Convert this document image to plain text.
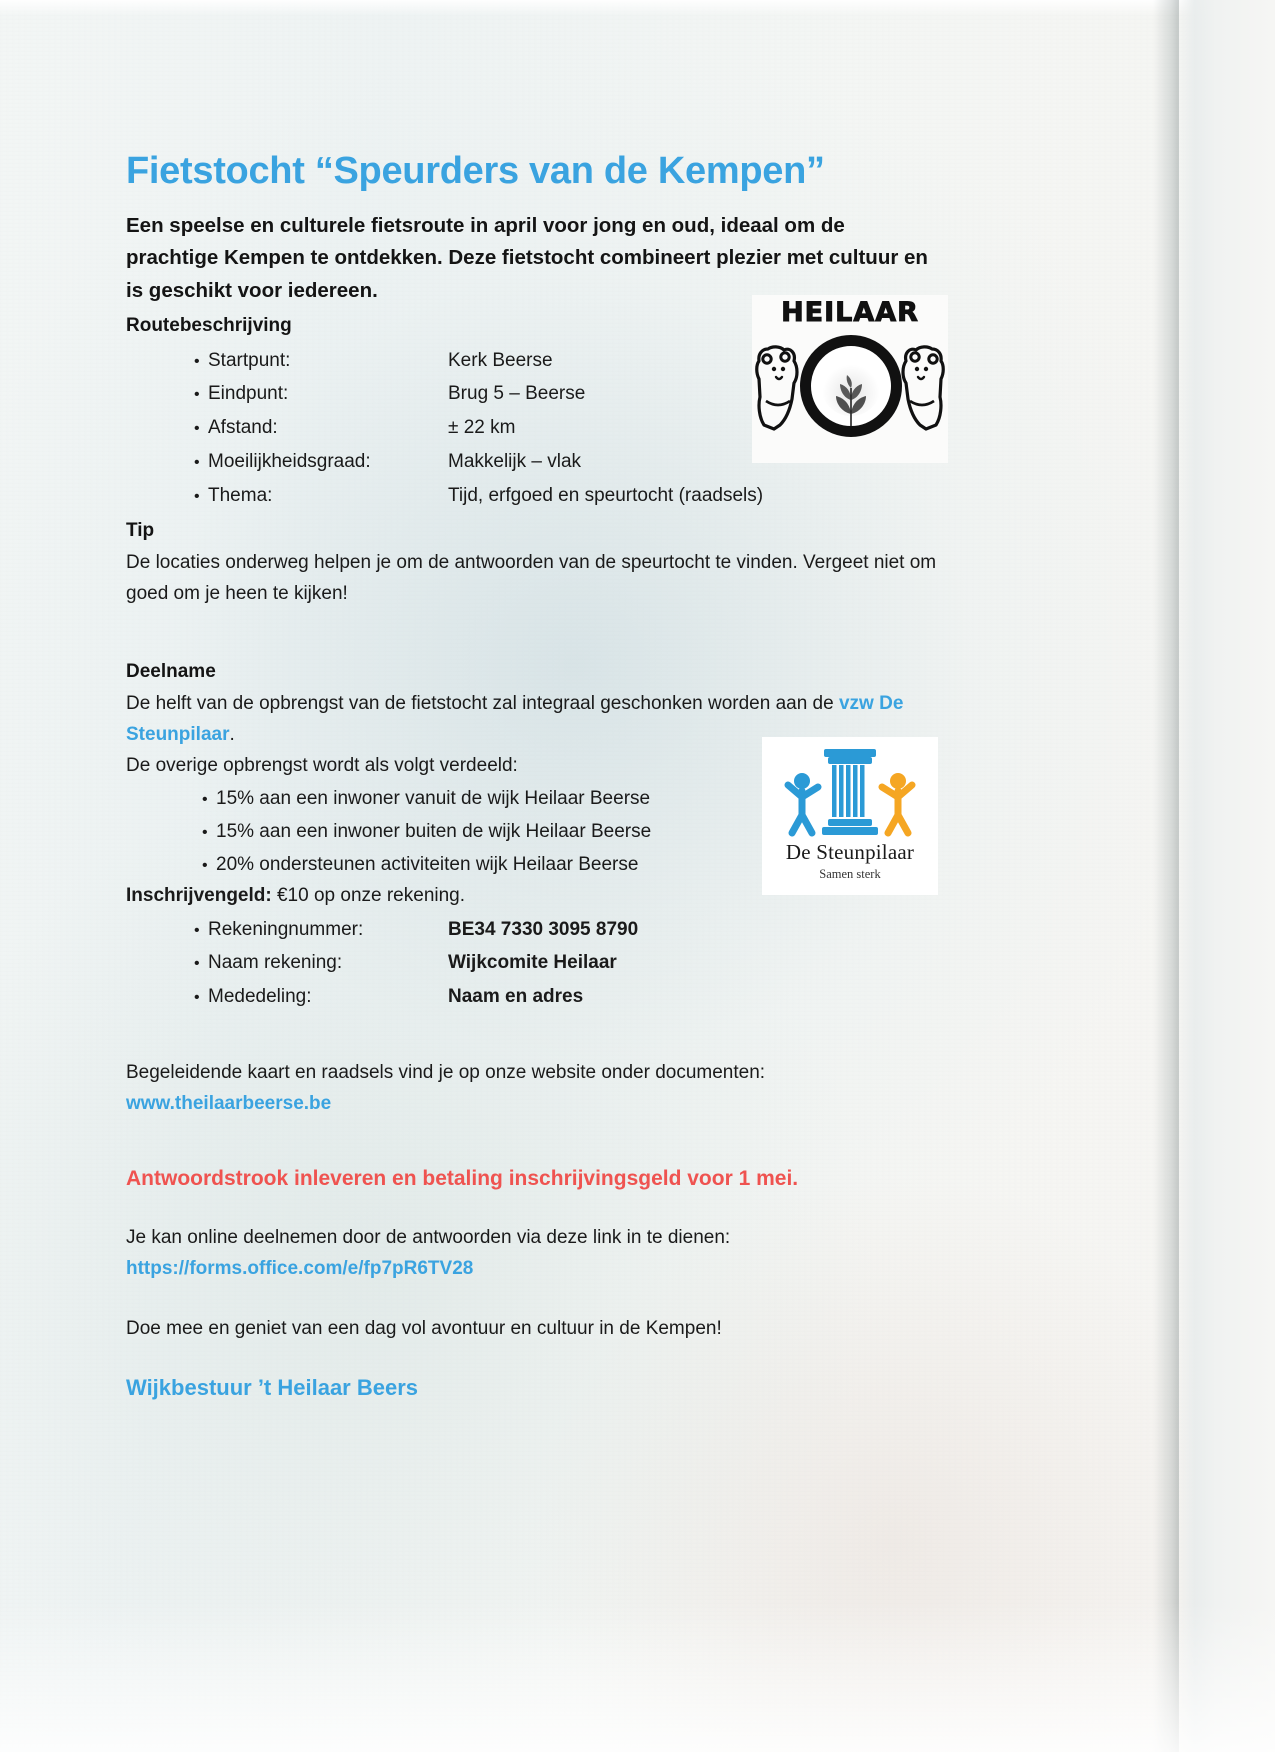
HEILAAR
De Steunpilaar
Samen sterk
Fietstocht “Speurders van de Kempen”

Een speelse en culturele fietsroute in april voor jong en oud, ideaal om de prachtige Kempen te ontdekken. Deze fietstocht combineert plezier met cultuur en is geschikt voor iedereen.

Routebeschrijving
• Startpunt:	Kerk Beerse
• Eindpunt:	Brug 5 – Beerse
• Afstand:	± 22 km
• Moeilijkheidsgraad:	Makkelijk – vlak
• Thema:	Tijd, erfgoed en speurtocht (raadsels)
Tip

De locaties onderweg helpen je om de antwoorden van de speurtocht te vinden. Vergeet niet om goed om je heen te kijken!

Deelname

De helft van de opbrengst van de fietstocht zal integraal geschonken worden aan de vzw De Steunpilaar.

De overige opbrengst wordt als volgt verdeeld:

• 15% aan een inwoner vanuit de wijk Heilaar Beerse
• 15% aan een inwoner buiten de wijk Heilaar Beerse
• 20% ondersteunen activiteiten wijk Heilaar Beerse

Inschrijvengeld: €10 op onze rekening.

• Rekeningnummer:	BE34 7330 3095 8790
• Naam rekening:	Wijkcomite Heilaar
• Mededeling:	Naam en adres

Begeleidende kaart en raadsels vind je op onze website onder documenten:

www.theilaarbeerse.be

Antwoordstrook inleveren en betaling inschrijvingsgeld voor 1 mei.

Je kan online deelnemen door de antwoorden via deze link in te dienen:

https://forms.office.com/e/fp7pR6TV28

Doe mee en geniet van een dag vol avontuur en cultuur in de Kempen!

Wijkbestuur ’t Heilaar Beers
